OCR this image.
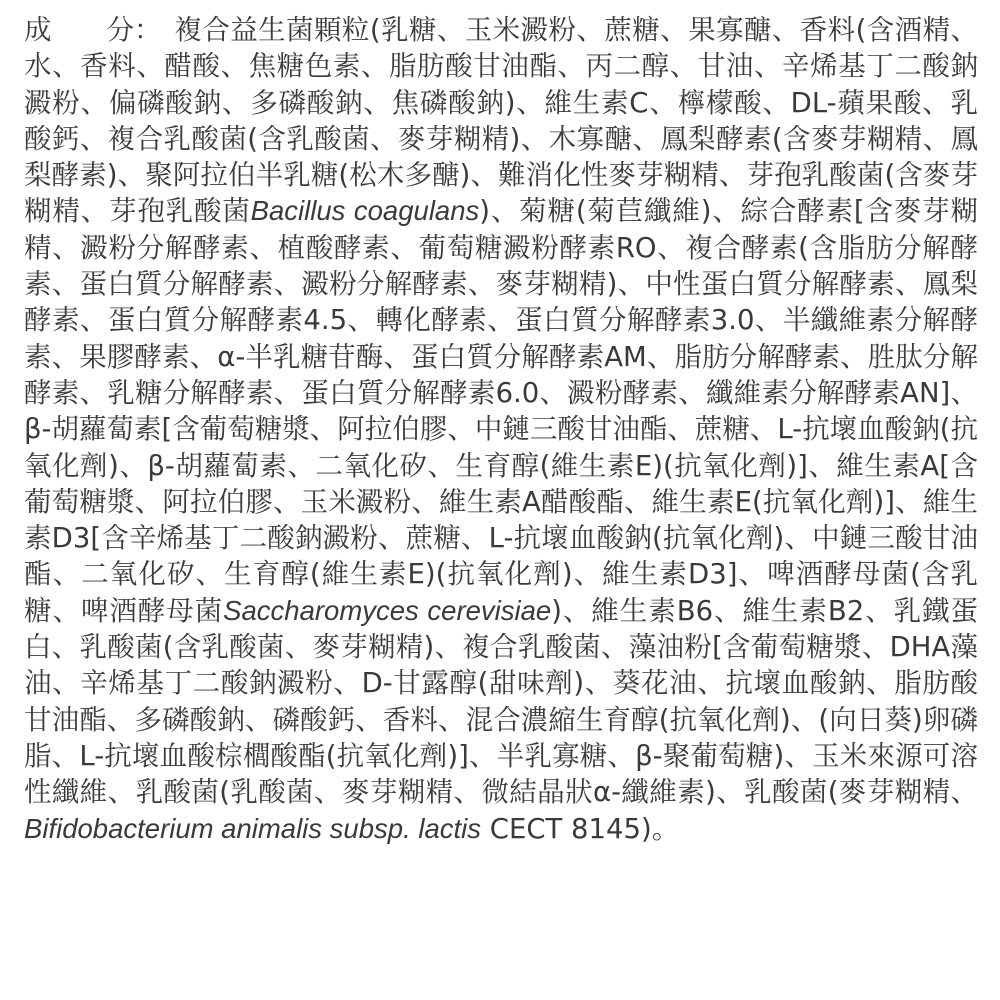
成　　分： 複合益生菌顆粒(乳糖、玉米澱粉、蔗糖、果寡醣、香料(含酒精、水、香料、醋酸、焦糖色素、脂肪酸甘油酯、丙二醇、甘油、辛烯基丁二酸鈉澱粉、偏磷酸鈉、多磷酸鈉、焦磷酸鈉)、維生素C、檸檬酸、DL-蘋果酸、乳酸鈣、複合乳酸菌(含乳酸菌、麥芽糊精)、木寡醣、鳳梨酵素(含麥芽糊精、鳳梨酵素)、聚阿拉伯半乳糖(松木多醣)、難消化性麥芽糊精、芽孢乳酸菌(含麥芽糊精、芽孢乳酸菌Bacillus coagulans)、菊糖(菊苣纖維)、綜合酵素[含麥芽糊精、澱粉分解酵素、植酸酵素、葡萄糖澱粉酵素RO、複合酵素(含脂肪分解酵素、蛋白質分解酵素、澱粉分解酵素、麥芽糊精)、中性蛋白質分解酵素、鳳梨酵素、蛋白質分解酵素4.5、轉化酵素、蛋白質分解酵素3.0、半纖維素分解酵素、果膠酵素、α-半乳糖苷酶、蛋白質分解酵素AM、脂肪分解酵素、胜肽分解酵素、乳糖分解酵素、蛋白質分解酵素6.0、澱粉酵素、纖維素分解酵素AN]、β-胡蘿蔔素[含葡萄糖漿、阿拉伯膠、中鏈三酸甘油酯、蔗糖、L-抗壞血酸鈉(抗氧化劑)、β-胡蘿蔔素、二氧化矽、生育醇(維生素E)(抗氧化劑)]、維生素A[含葡萄糖漿、阿拉伯膠、玉米澱粉、維生素A醋酸酯、維生素E(抗氧化劑)]、維生素D3[含辛烯基丁二酸鈉澱粉、蔗糖、L-抗壞血酸鈉(抗氧化劑)、中鏈三酸甘油酯、二氧化矽、生育醇(維生素E)(抗氧化劑)、維生素D3]、啤酒酵母菌(含乳糖、啤酒酵母菌Saccharomyces cerevisiae)、維生素B6、維生素B2、乳鐵蛋白、乳酸菌(含乳酸菌、麥芽糊精)、複合乳酸菌、藻油粉[含葡萄糖漿、DHA藻油、辛烯基丁二酸鈉澱粉、D-甘露醇(甜味劑)、葵花油、抗壞血酸鈉、脂肪酸甘油酯、多磷酸鈉、磷酸鈣、香料、混合濃縮生育醇(抗氧化劑)、(向日葵)卵磷脂、L-抗壞血酸棕櫚酸酯(抗氧化劑)]、半乳寡糖、β-聚葡萄糖)、玉米來源可溶性纖維、乳酸菌(乳酸菌、麥芽糊精、微結晶狀α-纖維素)、乳酸菌(麥芽糊精、Bifidobacterium animalis subsp. lactis CECT 8145)。
